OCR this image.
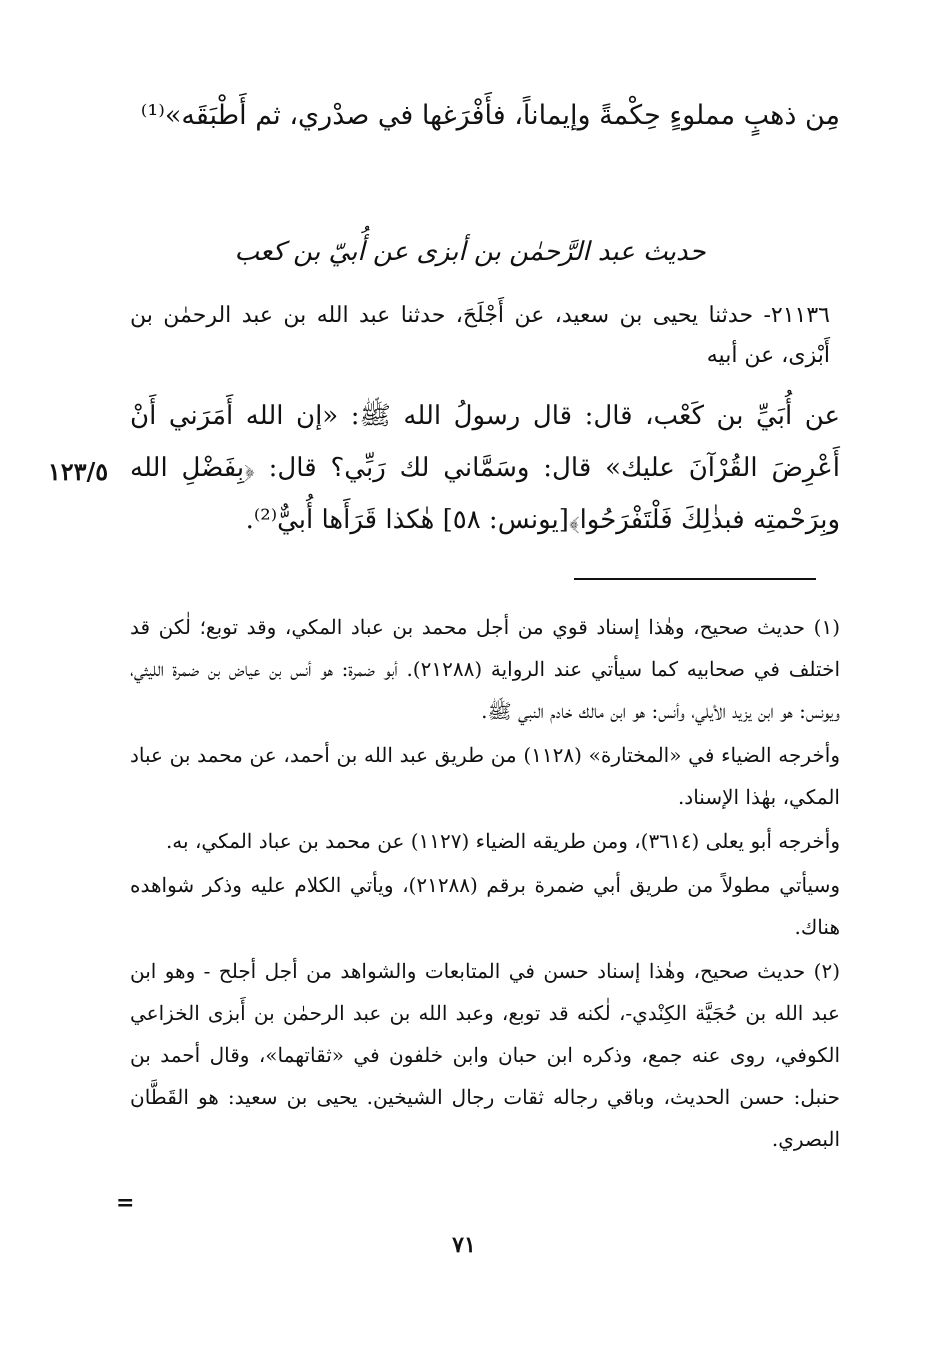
مِن ذهبٍ مملوءٍ حِكْمةً وإيماناً، فأَفْرَغها في صدْري، ثم أَطْبَقَه»⁽¹⁾
حديث عبد الرَّحمٰن بن أبزى عن أُبيّ بن كعب
٢١١٣٦- حدثنا يحيى بن سعيد، عن أَجْلَحَ، حدثنا عبد الله بن عبد الرحمٰن بن أَبْزى، عن أبيه
عن أُبَيِّ بن كَعْب، قال: قال رسولُ الله ﷺ: «إن الله أَمَرَني أَنْ أَعْرِضَ القُرْآنَ عليك» قال: وسَمَّاني لك رَبِّي؟ قال: ﴿بِفَضْلِ الله وبِرَحْمتِه فبذٰلِكَ فَلْتَفْرَحُوا﴾[يونس: ٥٨] هٰكذا قَرَأَها أُبيٌّ⁽²⁾.
١٢٣/٥

(١) حديث صحيح، وهٰذا إسناد قوي من أجل محمد بن عباد المكي، وقد توبع؛ لٰكن قد اختلف في صحابيه كما سيأتي عند الرواية (٢١٢٨٨). أبو ضمرة: هو أنس بن عياض بن ضمرة الليثي، ويونس: هو ابن يزيد الأيلي، وأنس: هو ابن مالك خادم النبي ﷺ.

وأخرجه الضياء في «المختارة» (١١٢٨) من طريق عبد الله بن أحمد، عن محمد بن عباد المكي، بهٰذا الإسناد.

وأخرجه أبو يعلى (٣٦١٤)، ومن طريقه الضياء (١١٢٧) عن محمد بن عباد المكي، به.

وسيأتي مطولاً من طريق أبي ضمرة برقم (٢١٢٨٨)، ويأتي الكلام عليه وذكر شواهده هناك.

(٢) حديث صحيح، وهٰذا إسناد حسن في المتابعات والشواهد من أجل أجلح - وهو ابن عبد الله بن حُجَيَّة الكِنْدي-، لٰكنه قد توبع، وعبد الله بن عبد الرحمٰن بن أَبزى الخزاعي الكوفي، روى عنه جمع، وذكره ابن حبان وابن خلفون في «ثقاتهما»، وقال أحمد بن حنبل: حسن الحديث، وباقي رجاله ثقات رجال الشيخين. يحيى بن سعيد: هو القَطَّان البصري.

=
٧١
